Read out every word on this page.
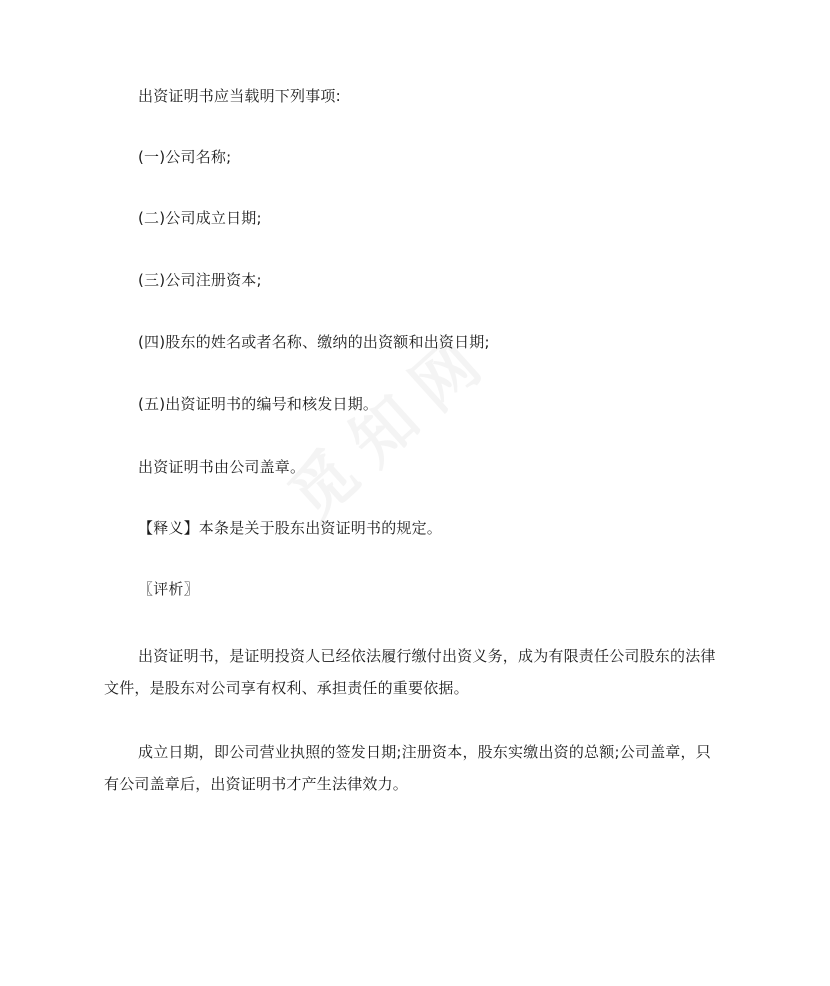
出资证明书应当载明下列事项:
(一)公司名称;
(二)公司成立日期;
(三)公司注册资本;
(四)股东的姓名或者名称、缴纳的出资额和出资日期;
(五)出资证明书的编号和核发日期。
出资证明书由公司盖章。
【释义】本条是关于股东出资证明书的规定。
〖评析〗
出资证明书，是证明投资人已经依法履行缴付出资义务，成为有限责任公司股东的法律文件，是股东对公司享有权利、承担责任的重要依据。
成立日期，即公司营业执照的签发日期;注册资本，股东实缴出资的总额;公司盖章，只有公司盖章后，出资证明书才产生法律效力。
